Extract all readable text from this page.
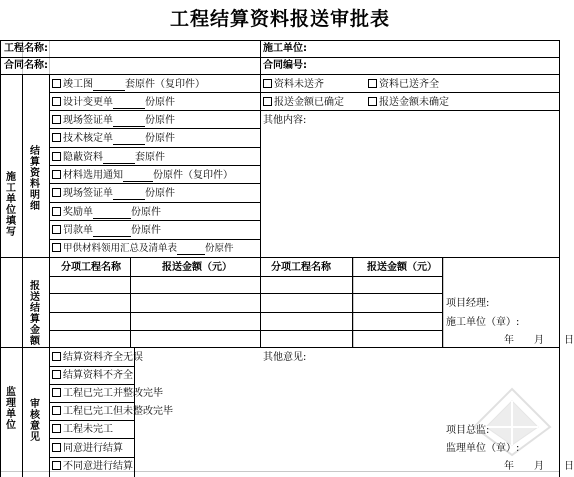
工程结算资料报送审批表
工程名称:	施工单位:
合同名称:	合同编号:
施工单位填写
结算资料明细
报送结算金额
监理单位
审核意见
竣工图	套原件（复印件）
设计变更单	份原件
现场签证单	份原件
技术核定单	份原件
隐蔽资料	套原件
材料选用通知	份原件（复印件）
现场签证单	份原件
奖励单	份原件
罚款单	份原件
甲供材料领用汇总及清单表	份原件
资料未送齐	资料已送齐全
报送金额已确定	报送金额未确定
其他内容:
分项工程名称	报送金额（元）	分项工程名称	报送金额（元）
项目经理:
施工单位（章）:
年　　月　　日
结算资料齐全无误
结算资料不齐全
工程已完工并整改完毕
工程已完工但未整改完毕
工程未完工
同意进行结算
不同意进行结算
其他意见:
项目总监:
监理单位（章）:
年　　月　　日
